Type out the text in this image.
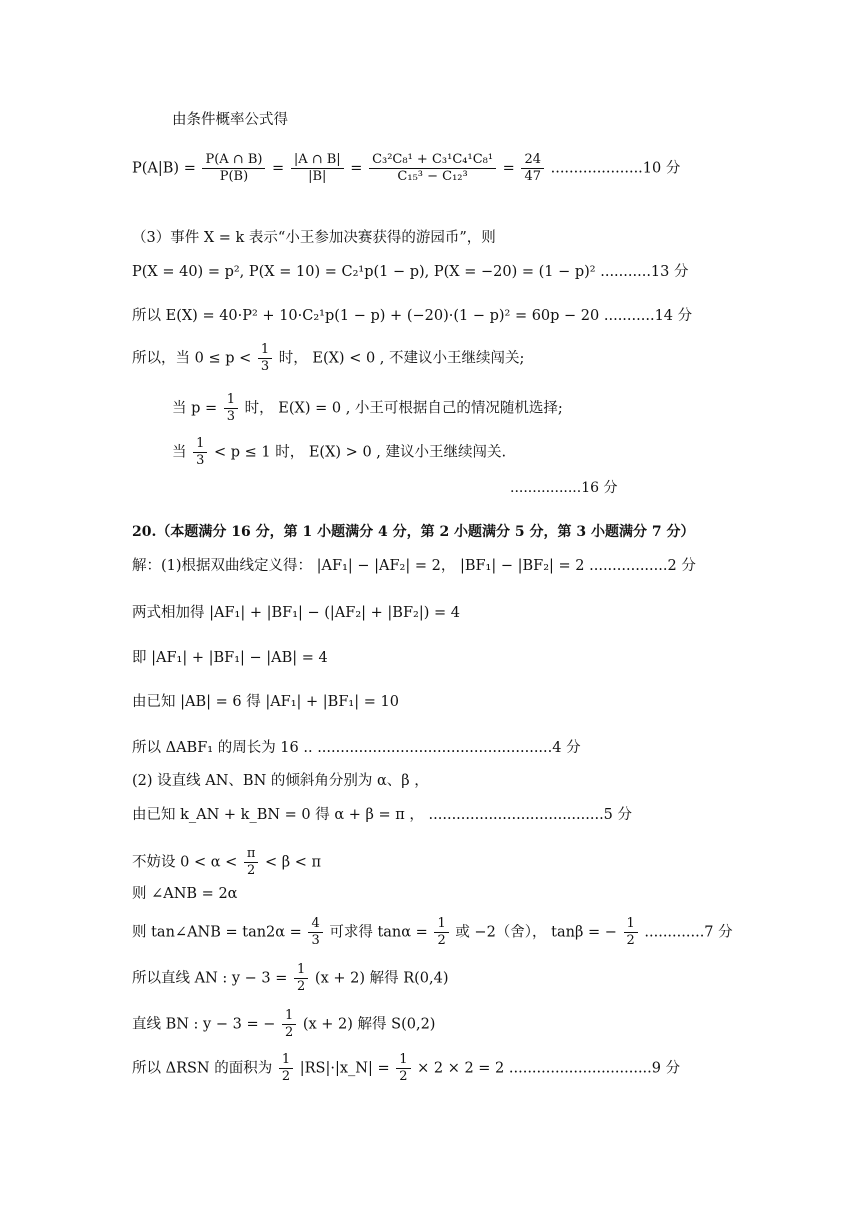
由条件概率公式得
$P(A|B) = \frac{P(A \cap B)}{P(B)} = \frac{|A \cap B|}{|B|} = \frac{\text{C₃²C₈¹ + C₃¹C₄¹C₈¹}}{\text{C₁₅³ − C₁₂³}} = \frac{24}{47} ....................10$ 分
（3）事件 X = k 表示“小王参加决赛获得的游园币”，则
P(X = 40) = p², P(X = 10) = C₂¹p(1 − p), P(X = −20) = (1 − p)² ...........13 分
所以 E(X) = 40·P² + 10·C₂¹p(1 − p) + (−20)·(1 − p)² = 60p − 20 ...........14 分
所以，当 $0 \le p < \frac{1}{3}$ 时， E(X) < 0 , 不建议小王继续闯关;
当 $p = \frac{1}{3}$ 时， E(X) = 0 , 小王可根据自己的情况随机选择;
当 $\frac{1}{3} < p \le 1$ 时， E(X) > 0 , 建议小王继续闯关.
................16 分
20.（本题满分 16 分，第 1 小题满分 4 分，第 2 小题满分 5 分，第 3 小题满分 7 分）
解：(1)根据双曲线定义得： |AF₁| − |AF₂| = 2， |BF₁| − |BF₂| = 2 .................2 分
两式相加得 |AF₁| + |BF₁| − (|AF₂| + |BF₂|) = 4
即 |AF₁| + |BF₁| − |AB| = 4
由已知 |AB| = 6 得 |AF₁| + |BF₁| = 10
所以 ΔABF₁ 的周长为 16 .. ...................................................4 分
(2) 设直线 AN、BN 的倾斜角分别为 α、β ，
由已知 k_AN + k_BN = 0 得 α + β = π ， ......................................5 分
不妨设 $0 < \alpha < \frac{\pi}{2} < \beta < \pi$
则 ∠ANB = 2α
则 tan∠ANB = $\tan 2\alpha = \frac{4}{3}$ 可求得 $\tan\alpha = \frac{1}{2}$ 或 −2（舍）， tanβ = − $\frac{1}{2} .............7$ 分
所以直线 AN : $y - 3 = \frac{1}{2} (x + 2)$ 解得 R(0,4)
直线 BN : y − 3 = − $\frac{1}{2} (x + 2)$ 解得 S(0,2)
所以 ΔRSN 的面积为 $\frac{1}{2}$ |RS|·|x_N| = $\frac{1}{2} \times 2 \times 2 = 2$ ...............................9 分
